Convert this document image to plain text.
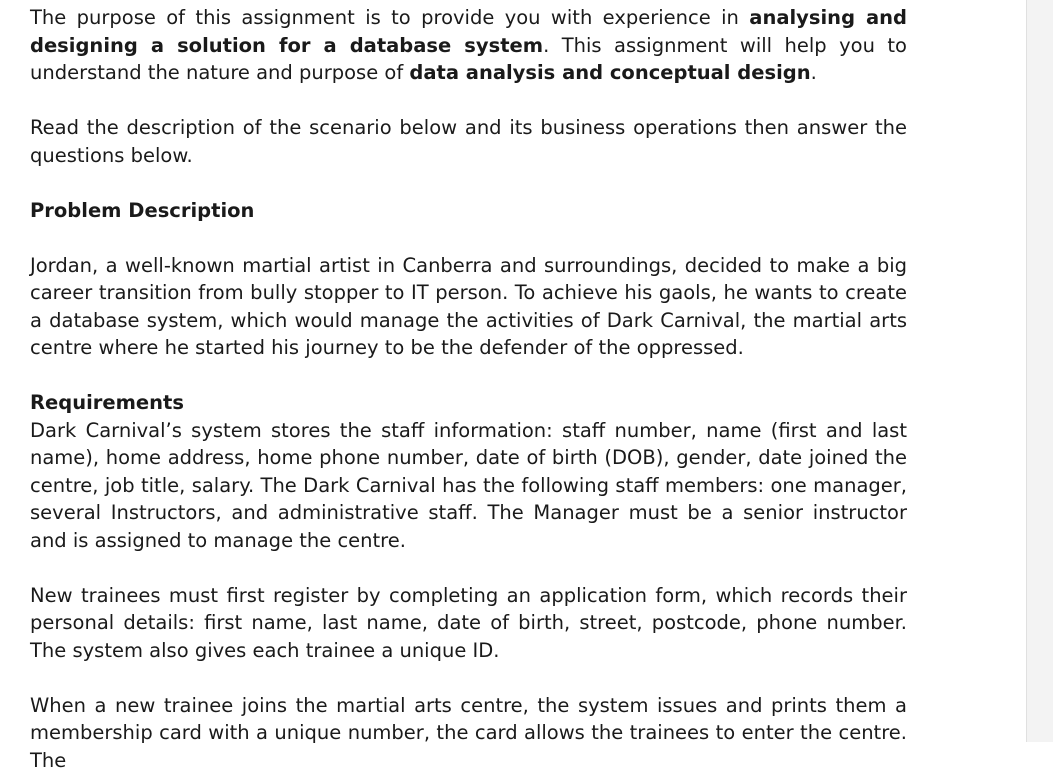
The purpose of this assignment is to provide you with experience in analysing and designing a solution for a database system. This assignment will help you to understand the nature and purpose of data analysis and conceptual design.

Read the description of the scenario below and its business operations then answer the questions below.

Problem Description

Jordan, a well-known martial artist in Canberra and surroundings, decided to make a big career transition from bully stopper to IT person. To achieve his gaols, he wants to create a database system, which would manage the activities of Dark Carnival, the martial arts centre where he started his journey to be the defender of the oppressed.

Requirements

Dark Carnival’s system stores the staff information: staff number, name (first and last name), home address, home phone number, date of birth (DOB), gender, date joined the centre, job title, salary. The Dark Carnival has the following staff members: one manager, several Instructors, and administrative staff. The Manager must be a senior instructor and is assigned to manage the centre.

New trainees must first register by completing an application form, which records their personal details: first name, last name, date of birth, street, postcode, phone number. The system also gives each trainee a unique ID.

When a new trainee joins the martial arts centre, the system issues and prints them a membership card with a unique number, the card allows the trainees to enter the centre. The
